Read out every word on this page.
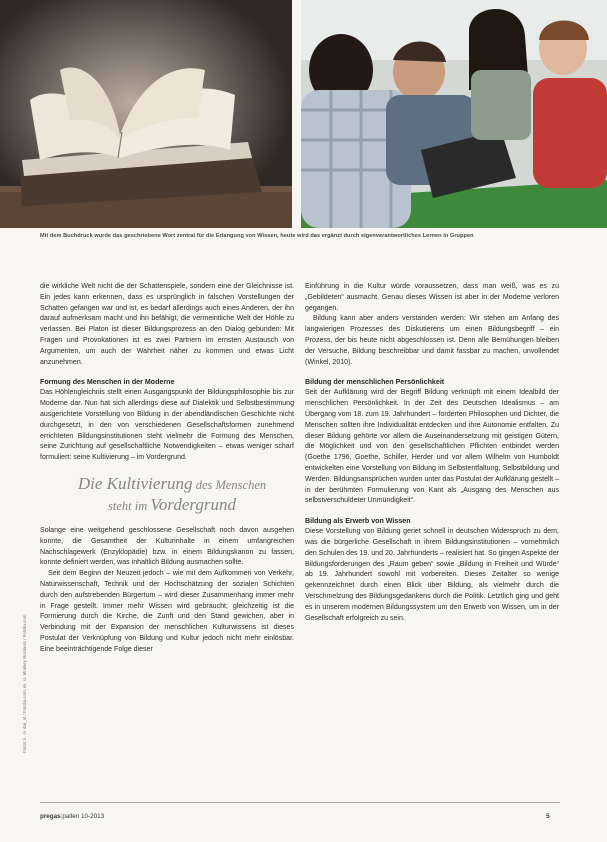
Mit dem Buchdruck wurde das geschriebene Wort zentral für die Erlangung von Wissen, heute wird das ergänzt durch eigenverantwortliches Lernen in Gruppen
Fotos: li. © dar_st / Fotolia.com; re. © Monkey Business / Fotolia.com

die wirkliche Welt nicht die der Schattenspiele, sondern eine der Gleichnisse ist. Ein jedes kann erkennen, dass es ursprünglich in falschen Vorstellungen der Schatten gefangen war und ist, es bedarf allerdings auch eines Anderen, der ihn darauf aufmerksam macht und ihn befähigt, die vermeintliche Welt der Höhle zu verlassen. Bei Platon ist dieser Bildungsprozess an den Dialog gebunden: Mit Fragen und Provokationen ist es zwei Partnern im ernsten Austausch von Argumenten, um auch der Wahrheit näher zu kommen und etwas Licht anzunehmen.

Formung des Menschen in der Moderne

Das Höhlengleichnis stellt einen Ausgangspunkt der Bildungsphilosophie bis zur Moderne dar. Nun hat sich allerdings diese auf Dialektik und Selbstbestimmung ausgerichtete Vorstellung von Bildung in der abendländischen Geschichte nicht durchgesetzt, in den von verschiedenen Gesellschaftsformen zunehmend errichteten Bildungsinstitutionen steht vielmehr die Formung des Menschen, seine Zurichtung auf gesellschaftliche Notwendigkeiten – etwas weniger scharf formuliert: seine Kultivierung – im Vordergrund.

Die Kultivierung des Menschen
steht im Vordergrund

Solange eine weitgehend geschlossene Gesellschaft noch davon ausgehen konnte, die Gesamtheit der Kulturinhalte in einem umfangreichen Nachschlagewerk (Enzyklopädie) bzw. in einem Bildungskanon zu fassen, konnte definiert werden, was inhaltlich Bildung ausmachen sollte.

Seit dem Beginn der Neuzeit jedoch – wie mit dem Aufkommen von Verkehr, Naturwissenschaft, Technik und der Hochschätzung der sozialen Schichten durch den aufstrebenden Bürgertum – wird dieser Zusammenhang immer mehr in Frage gestellt. Immer mehr Wissen wird gebraucht; gleichzeitig ist die Formierung durch die Kirche, die Zunft und den Stand gewichen, aber in Verbindung mit der Expansion der menschlichen Kulturwissens ist dieses Postulat der Verknüpfung von Bildung und Kultur jedoch nicht mehr einlösbar. Eine beeinträchtigende Folge dieser

Einführung in die Kultur würde voraussetzen, dass man weiß, was es zu „Gebildeten“ ausmacht. Genau dieses Wissen ist aber in der Moderne verloren gegangen.

Bildung kann aber anders verstanden werden: Wir stehen am Anfang des langwierigen Prozesses des Diskutierens um einen Bildungsbegriff – ein Prozess, der bis heute nicht abgeschlossen ist. Denn alle Bemühungen bleiben der Versuche, Bildung beschreibbar und damit fassbar zu machen, unvollendet (Winkel, 2010).

Bildung der menschlichen Persönlichkeit

Seit der Aufklärung wird der Begriff Bildung verknüpft mit einem Idealbild der menschlichen Persönlichkeit. In der Zeit des Deutschen Idealismus – am Übergang vom 18. zum 19. Jahrhundert – forderten Philosophen und Dichter, die Menschen sollten ihre Individualität entdecken und ihre Autonomie entfalten. Zu dieser Bildung gehörte vor allem die Auseinandersetzung mit geistigen Gütern, die Möglichkeit und von den gesellschaftlichen Pflichten entbindet werden (Goethe 1796, Goethe, Schiller, Herder und vor allem Wilhelm von Humboldt entwickelten eine Vorstellung von Bildung im Selbstentfaltung, Selbstbildung und Werden. Bildungsansprüchen wurden unter das Postulat der Aufklärung gestellt – in der berühmten Formulierung von Kant als „Ausgang des Menschen aus selbstverschuldeter Unmündigkeit“.

Bildung als Erwerb von Wissen

Diese Vorstellung von Bildung geriet schnell in deutschen Widerspruch zu dem, was die bürgerliche Gesellschaft in ihrem Bildungsinstitutionen – vornehmlich den Schulen des 19. und 20. Jahrhunderts – realisiert hat. So gingen Aspekte der Bildungsforderungen des „Raum geben“ sowie „Bildung in Freiheit und Würde“ ab 19. Jahrhundert sowohl mit vorbereiten. Dieses Zeitalter so wenige gekennzeichnet durch einen Blick über Bildung, als vielmehr durch die Verschmelzung des Bildungsgedankens durch die Politik. Letztlich ging und geht es in unserem modernen Bildungssystem um den Erwerb von Wissen, um in der Gesellschaft erfolgreich zu sein.

pregas:pallen 10-2013	5
